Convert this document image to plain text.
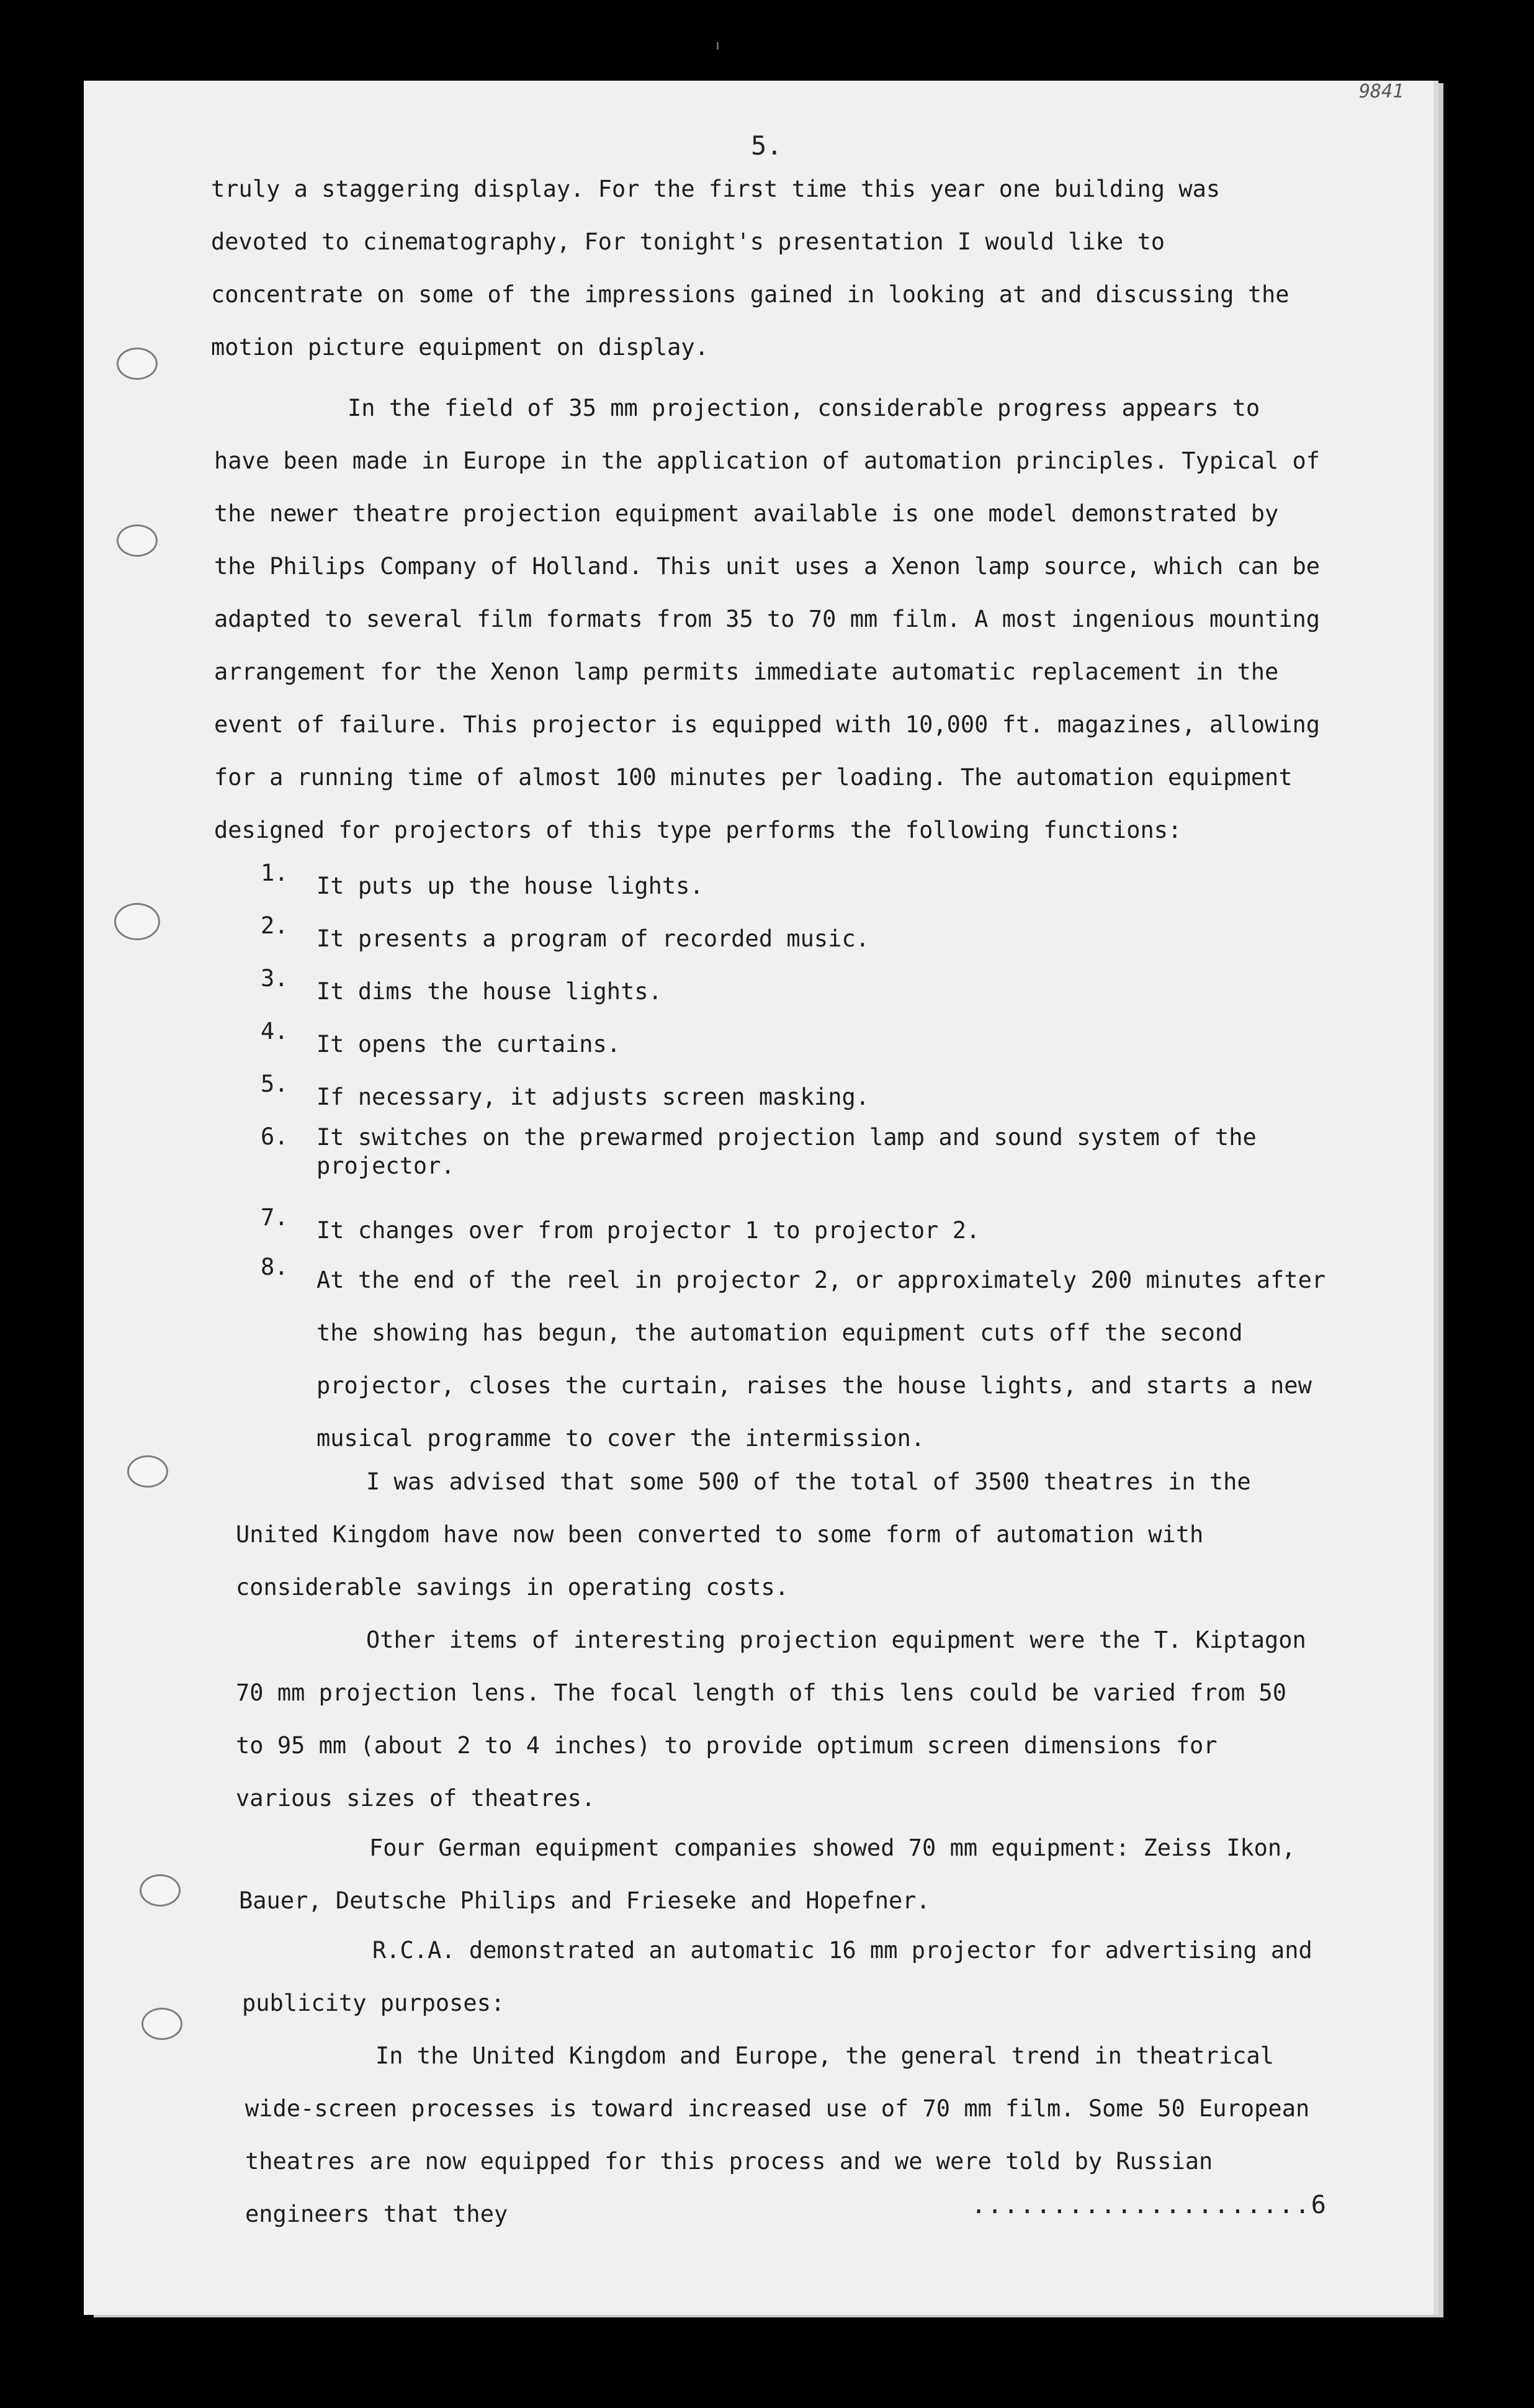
9841
5.

truly a staggering display. For the first time this year one building was devoted to cinematography, For tonight's presentation I would like to concentrate on some of the impressions gained in looking at and discussing the motion picture equipment on display.

In the field of 35 mm projection, considerable progress appears to have been made in Europe in the application of automation principles. Typical of the newer theatre projection equipment available is one model demonstrated by the Philips Company of Holland. This unit uses a Xenon lamp source, which can be adapted to several film formats from 35 to 70 mm film. A most ingenious mounting arrangement for the Xenon lamp permits immediate automatic replacement in the event of failure. This projector is equipped with 10,000 ft. magazines, allowing for a running time of almost 100 minutes per loading. The automation equipment designed for projectors of this type performs the following functions:

1.	It puts up the house lights.
2.	It presents a program of recorded music.
3.	It dims the house lights.
4.	It opens the curtains.
5.	If necessary, it adjusts screen masking.
6.	It switches on the prewarmed projection lamp and sound system of the projector.
7.	It changes over from projector 1 to projector 2.
8.	At the end of the reel in projector 2, or approximately 200 minutes after the showing has begun, the automation equipment cuts off the second projector, closes the curtain, raises the house lights, and starts a new musical programme to cover the intermission.

I was advised that some 500 of the total of 3500 theatres in the United Kingdom have now been converted to some form of automation with considerable savings in operating costs.

Other items of interesting projection equipment were the T. Kiptagon 70 mm projection lens. The focal length of this lens could be varied from 50 to 95 mm (about 2 to 4 inches) to provide optimum screen dimensions for various sizes of theatres.

Four German equipment companies showed 70 mm equipment: Zeiss Ikon, Bauer, Deutsche Philips and Frieseke and Hopefner.

R.C.A. demonstrated an automatic 16 mm projector for advertising and publicity purposes:

In the United Kingdom and Europe, the general trend in theatrical wide-screen processes is toward increased use of 70 mm film. Some 50 European theatres are now equipped for this process and we were told by Russian engineers that they	.....................6
